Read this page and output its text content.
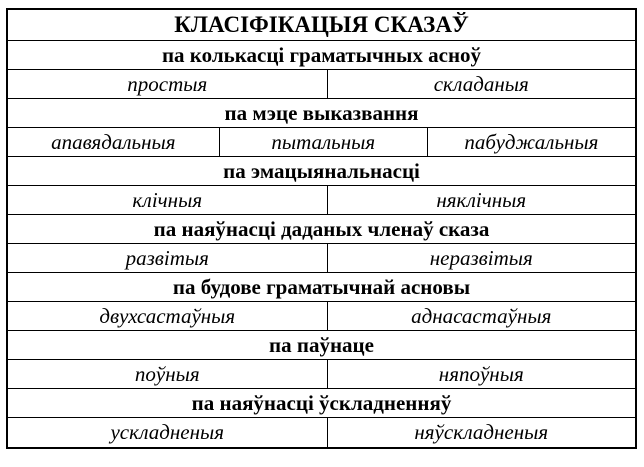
КЛАСІФІКАЦЫЯ СКАЗАЎ
па колькасці граматычных асноў
простыя	складаныя
па мэце выказвання
апавядальныя	пытальныя	пабуджальныя
па эмацыянальнасці
клічныя	няклічныя
па наяўнасці даданых членаў сказа
развітыя	неразвітыя
па будове граматычнай асновы
двухсастаўныя	аднасастаўныя
па паўнаце
поўныя	няпоўныя
па наяўнасці ўскладненняў
ускладненыя	няўскладненыя
